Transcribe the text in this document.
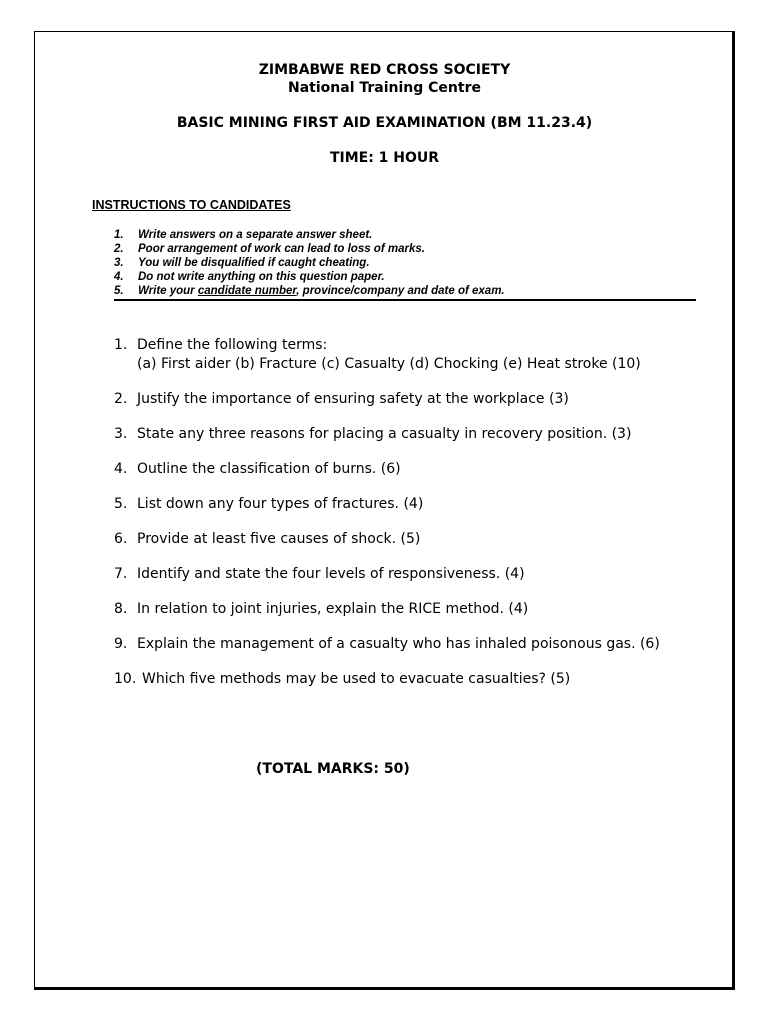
ZIMBABWE RED CROSS SOCIETY
National Training Centre
BASIC MINING FIRST AID EXAMINATION (BM 11.23.4)
TIME: 1 HOUR
INSTRUCTIONS TO CANDIDATES
1. Write answers on a separate answer sheet.
2. Poor arrangement of work can lead to loss of marks.
3. You will be disqualified if caught cheating.
4. Do not write anything on this question paper.
5. Write your candidate number, province/company and date of exam.
1. Define the following terms:
(a) First aider (b) Fracture (c) Casualty (d) Chocking (e) Heat stroke (10)
2. Justify the importance of ensuring safety at the workplace (3)
3. State any three reasons for placing a casualty in recovery position. (3)
4. Outline the classification of burns. (6)
5. List down any four types of fractures. (4)
6. Provide at least five causes of shock. (5)
7. Identify and state the four levels of responsiveness. (4)
8. In relation to joint injuries, explain the RICE method. (4)
9. Explain the management of a casualty who has inhaled poisonous gas. (6)
10. Which five methods may be used to evacuate casualties? (5)
(TOTAL MARKS: 50)
